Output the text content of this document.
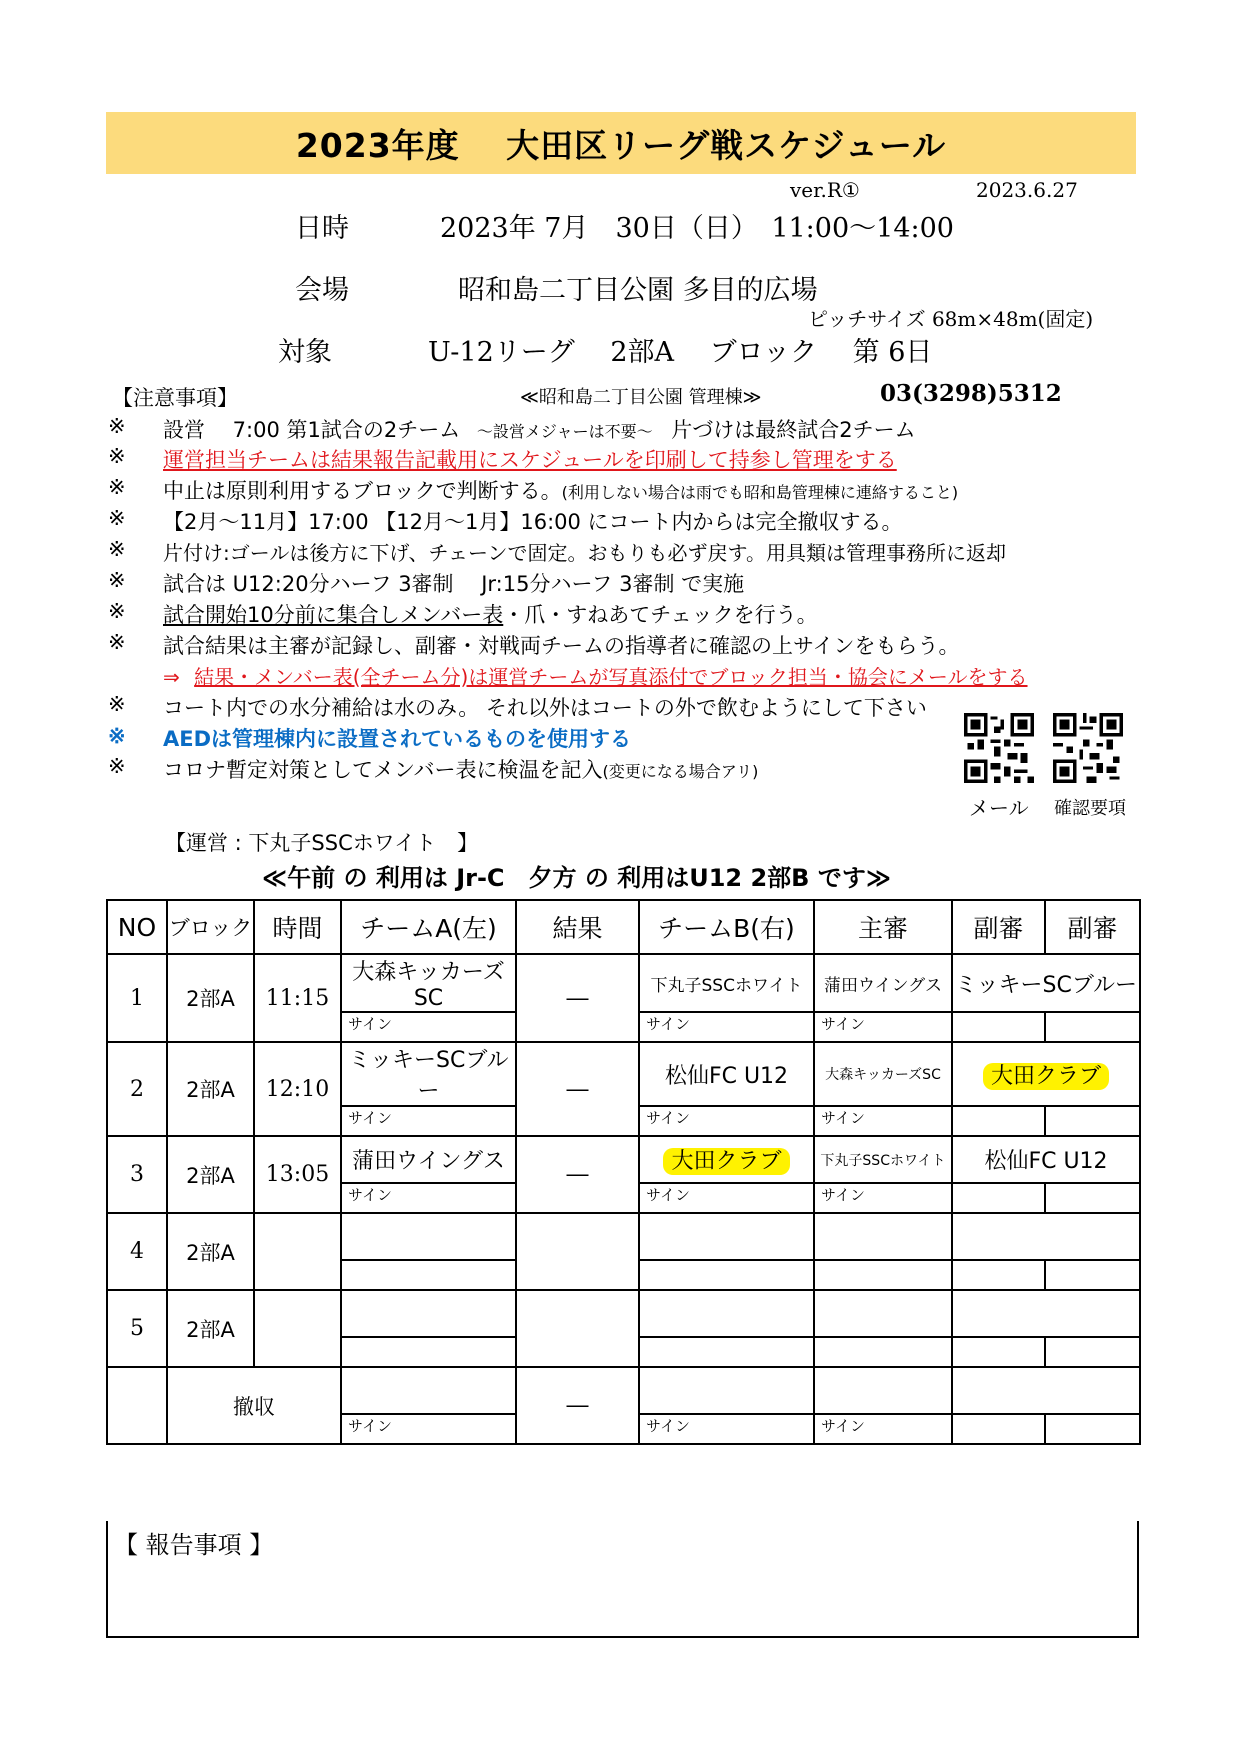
2023年度　 大田区リーグ戦スケジュール
ver.R①	2023.6.27
日時	2023年 7月　30日（日）　11:00～14:00
会場	昭和島二丁目公園 多目的広場
ピッチサイズ 68m×48m(固定)
対象	U-12リーグ　 2部A　 ブロック　 第 6日
【注意事項】	≪昭和島二丁目公園 管理棟≫	03(3298)5312
※ 設営　 7:00 第1試合の2チーム ～設営メジャーは不要～ 片づけは最終試合2チーム
※ 運営担当チームは結果報告記載用にスケジュールを印刷して持参し管理をする
※ 中止は原則利用するブロックで判断する。(利用しない場合は雨でも昭和島管理棟に連絡すること)
※ 【2月～11月】17:00 【12月～1月】16:00 にコート内からは完全撤収する。
※ 片付け:ゴールは後方に下げ、チェーンで固定。おもりも必ず戻す。用具類は管理事務所に返却
※ 試合は U12:20分ハーフ 3審制　 Jr:15分ハーフ 3審制 で実施
※ 試合開始10分前に集合しメンバー表・爪・すねあてチェックを行う。
※ 試合結果は主審が記録し、副審・対戦両チームの指導者に確認の上サインをもらう。
⇒ 結果・メンバー表(全チーム分)は運営チームが写真添付でブロック担当・協会にメールをする
※ コート内での水分補給は水のみ。 それ以外はコートの外で飲むようにして下さい
※ AEDは管理棟内に設置されているものを使用する
※ コロナ暫定対策としてメンバー表に検温を記入(変更になる場合アリ)
メール 確認要項
【運営 : 下丸子SSCホワイト　】
≪午前 の 利用は Jr-C　夕方 の 利用はU12 2部B です≫
NO	ブロック	時間	チームA(左)	結果	チームB(右)	主審	副審	副審
1	2部A	11:15	大森キッカーズSC	―	下丸子SSCホワイト	蒲田ウイングス	ミッキーSCブルー	
			サイン		サイン	サイン		
2	2部A	12:10	ミッキーSCブルー	―	松仙FC U12	大森キッカーズSC	大田クラブ	
			サイン		サイン	サイン		
3	2部A	13:05	蒲田ウイングス	―	大田クラブ	下丸子SSCホワイト	松仙FC U12	
			サイン		サイン	サイン		
4	2部A							

5	2部A							

	撤収			―				
			サイン		サイン	サイン		
【 報告事項 】
